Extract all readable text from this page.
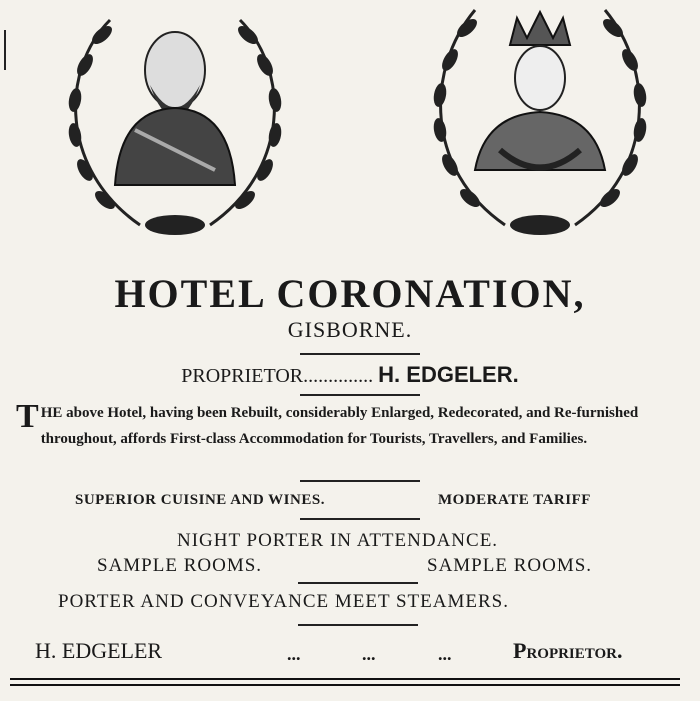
HOTEL CORONATION,
GISBORNE.
PROPRIETOR.............. H. EDGELER.
T HE above Hotel, having been Rebuilt, considerably Enlarged, Redecorated, and Re-furnished throughout, affords First-class Accommodation for Tourists, Travellers, and Families.
SUPERIOR CUISINE AND WINES.	MODERATE TARIFF
NIGHT PORTER IN ATTENDANCE.
SAMPLE ROOMS.	SAMPLE ROOMS.
PORTER AND CONVEYANCE MEET STEAMERS.
H. EDGELER	...	...	...	Proprietor.
